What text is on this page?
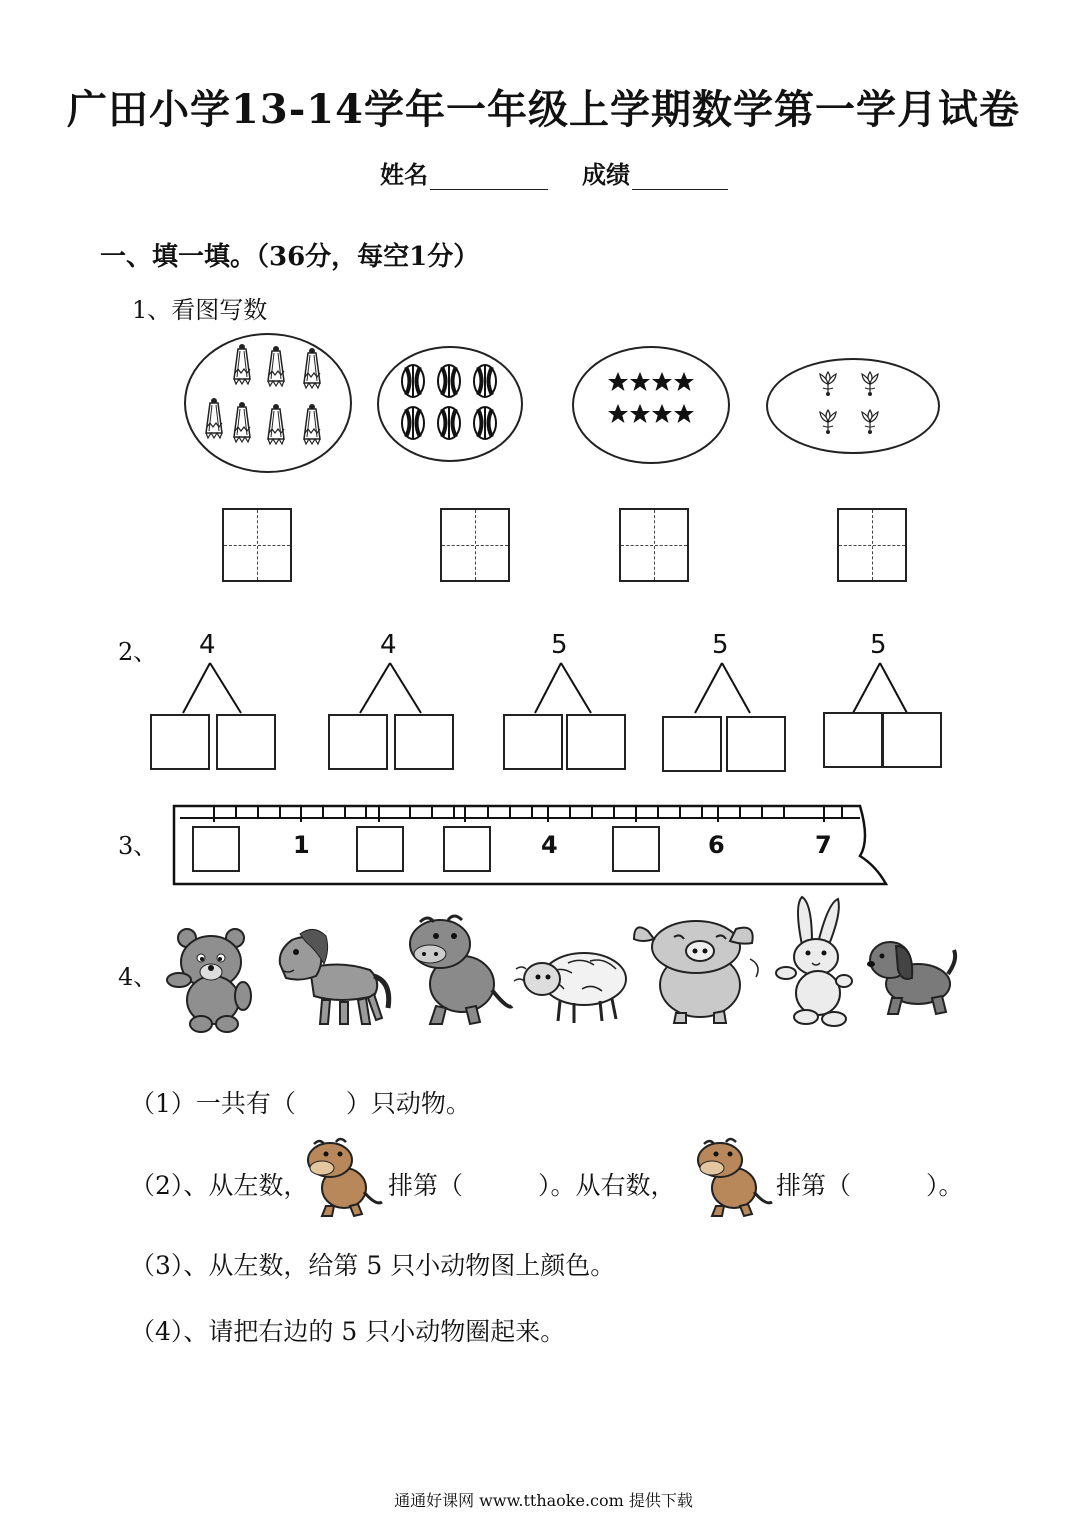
广田小学13-14学年一年级上学期数学第一学月试卷
姓名	成绩
一、填一填。（36分，每空1分）
1、看图写数
2、 4	4	5	5	5
3、	1	4	6	7
4、
（1）一共有（　　）只动物。
（2）、从左数，	排第（　　　）。从右数，	排第（　　　）。
（3）、从左数，给第 5 只小动物图上颜色。
（4）、请把右边的 5 只小动物圈起来。
通通好课网 www.tthaoke.com 提供下载
